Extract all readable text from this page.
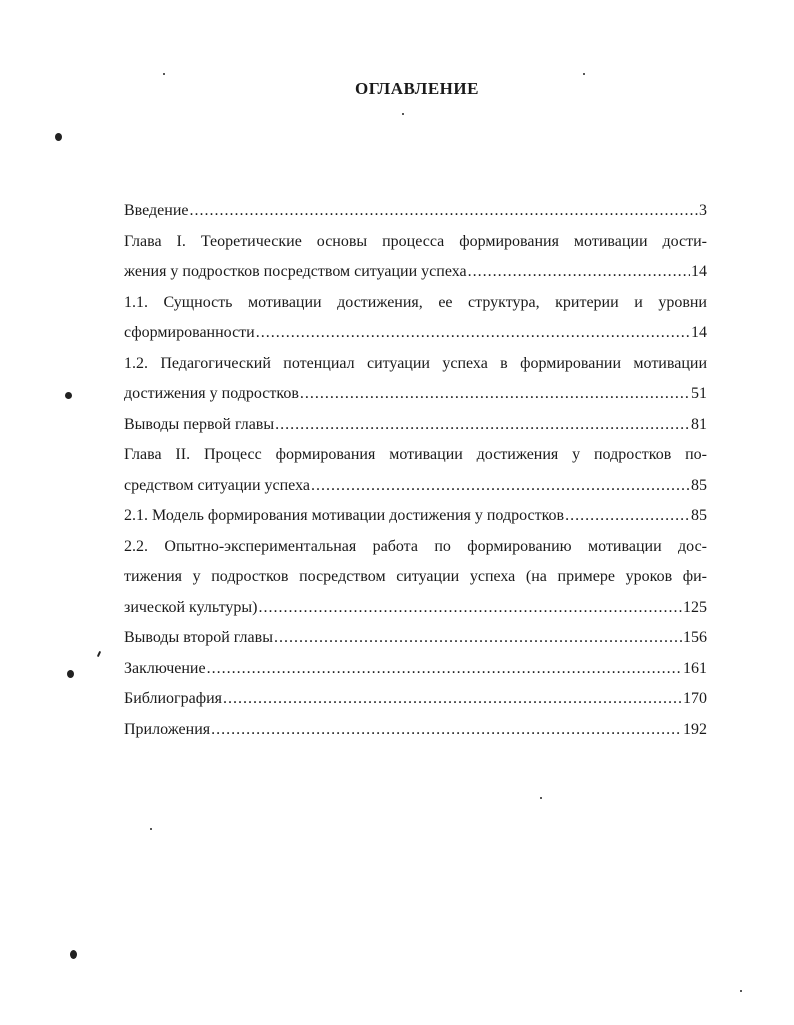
ОГЛАВЛЕНИЕ
Введение .....	3
Глава I. Теоретические основы процесса формирования мотивации дости-
жения у подростков посредством ситуации успеха .....	14
1.1. Сущность мотивации достижения, ее структура, критерии и уровни
сформированности .....	14
1.2. Педагогический потенциал ситуации успеха в формировании мотивации
достижения у подростков .....	51
Выводы первой главы .....	81
Глава II. Процесс формирования мотивации достижения у подростков по-
средством ситуации успеха .....	85
2.1. Модель формирования мотивации достижения у подростков .....	85
2.2. Опытно-экспериментальная работа по формированию мотивации дос-
тижения у подростков посредством ситуации успеха (на примере уроков фи-
зической культуры) .....	125
Выводы второй главы .....	156
Заключение .....	161
Библиография .....	170
Приложения .....	192
